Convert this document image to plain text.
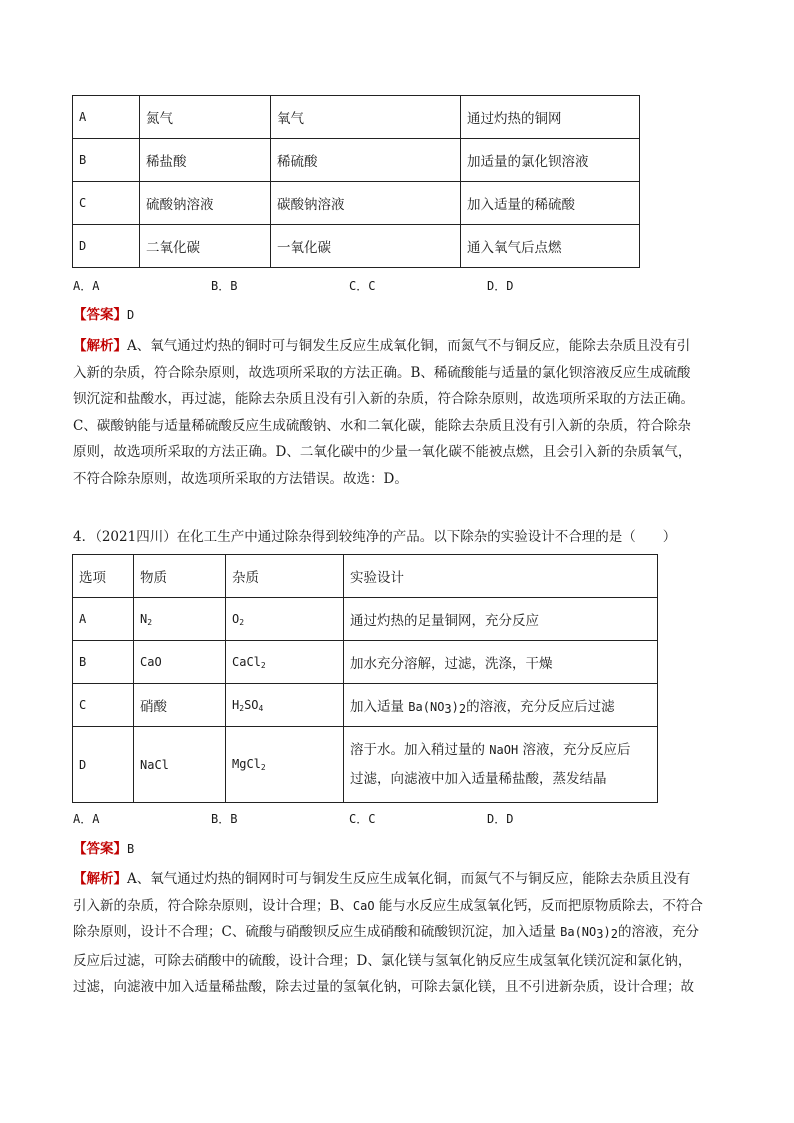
A	氮气	氧气	通过灼热的铜网
B	稀盐酸	稀硫酸	加适量的氯化钡溶液
C	硫酸钠溶液	碳酸钠溶液	加入适量的稀硫酸
D	二氧化碳	一氧化碳	通入氧气后点燃
A．A	B．B	C．C	D．D
【答案】D
【解析】A、氧气通过灼热的铜时可与铜发生反应生成氧化铜，而氮气不与铜反应，能除去杂质且没有引
入新的杂质，符合除杂原则，故选项所采取的方法正确。B、稀硫酸能与适量的氯化钡溶液反应生成硫酸
钡沉淀和盐酸水，再过滤，能除去杂质且没有引入新的杂质，符合除杂原则，故选项所采取的方法正确。
C、碳酸钠能与适量稀硫酸反应生成硫酸钠、水和二氧化碳，能除去杂质且没有引入新的杂质，符合除杂
原则，故选项所采取的方法正确。D、二氧化碳中的少量一氧化碳不能被点燃，且会引入新的杂质氧气，
不符合除杂原则，故选项所采取的方法错误。故选：D。
4．（2021四川）在化工生产中通过除杂得到较纯净的产品。以下除杂的实验设计不合理的是（　　）
选项	物质	杂质	实验设计
A	$N_2$	$O_2$	通过灼热的足量铜网，充分反应
B	CaO	CaCl$_2$	加水充分溶解，过滤，洗涤，干燥
C	硝酸	$H_2SO_4$	加入适量 $Ba(NO_3)_2$的溶液，充分反应后过滤
D	NaCl	MgCl$_2$	溶于水。加入稍过量的 NaOH 溶液，充分反应后
过滤，向滤液中加入适量稀盐酸，蒸发结晶
A．A	B．B	C．C	D．D
【答案】B
【解析】A、氧气通过灼热的铜网时可与铜发生反应生成氧化铜，而氮气不与铜反应，能除去杂质且没有
引入新的杂质，符合除杂原则，设计合理；B、CaO 能与水反应生成氢氧化钙，反而把原物质除去，不符合
除杂原则，设计不合理；C、硫酸与硝酸钡反应生成硝酸和硫酸钡沉淀，加入适量 $Ba(NO_3)_2$的溶液，充分
反应后过滤，可除去硝酸中的硫酸，设计合理；D、氯化镁与氢氧化钠反应生成氢氧化镁沉淀和氯化钠，
过滤，向滤液中加入适量稀盐酸，除去过量的氢氧化钠，可除去氯化镁，且不引进新杂质，设计合理；故
